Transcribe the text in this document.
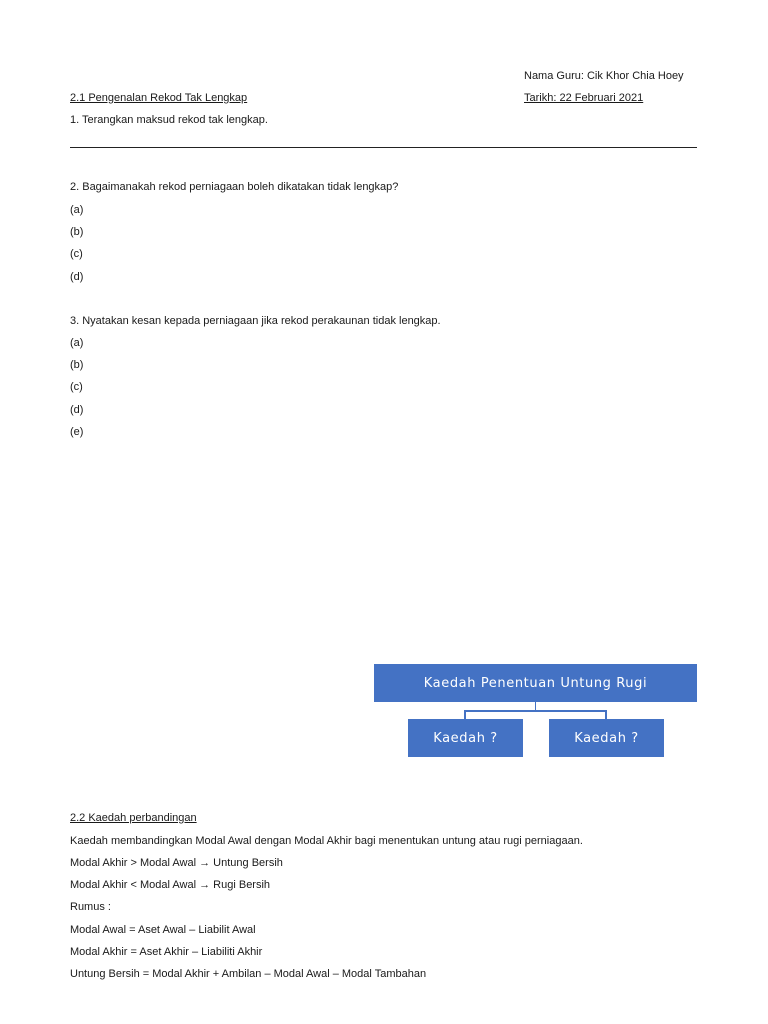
Nama Guru: Cik Khor Chia Hoey
Tarikh: 22 Februari 2021
2.1 Pengenalan Rekod Tak Lengkap
1. Terangkan maksud rekod tak lengkap.
2. Bagaimanakah rekod perniagaan boleh dikatakan tidak lengkap?
(a)
(b)
(c)
(d)
3. Nyatakan kesan kepada perniagaan jika rekod perakaunan tidak lengkap.
(a)
(b)
(c)
(d)
(e)
Kaedah Penentuan Untung Rugi
Kaedah ?	Kaedah ?
2.2 Kaedah perbandingan
Kaedah membandingkan Modal Awal dengan Modal Akhir bagi menentukan untung atau rugi perniagaan.
Modal Akhir > Modal Awal → Untung Bersih
Modal Akhir < Modal Awal → Rugi Bersih
Rumus :
Modal Awal = Aset Awal – Liabilit Awal
Modal Akhir = Aset Akhir – Liabiliti Akhir
Untung Bersih = Modal Akhir + Ambilan – Modal Awal – Modal Tambahan
